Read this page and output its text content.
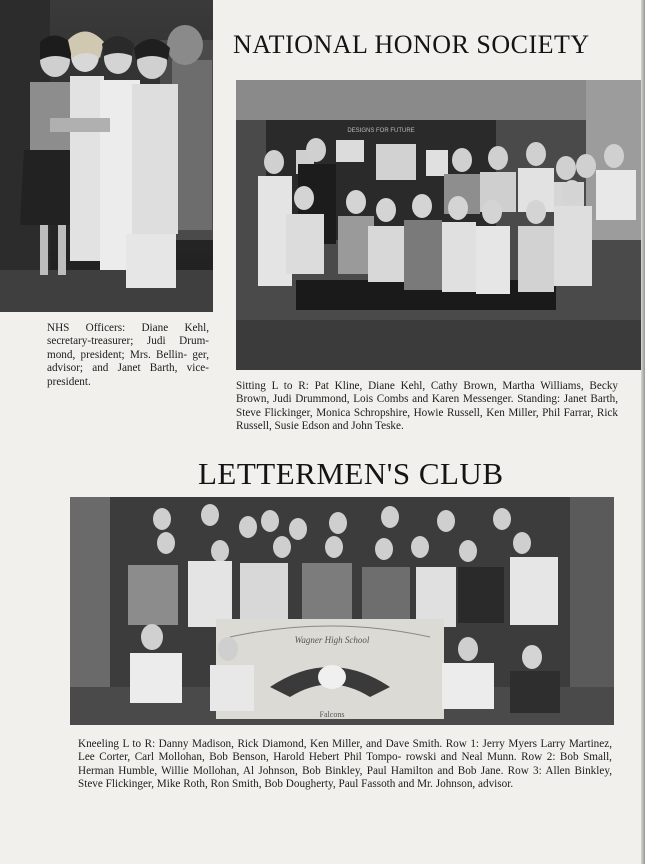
NATIONAL HONOR SOCIETY
LETTERMEN'S CLUB

NHS Officers: Diane Kehl, secretary-treasurer; Judi Drum- mond, president; Mrs. Bellin- ger, advisor; and Janet Barth, vice-president.

DESIGNS FOR FUTURE

Sitting L to R: Pat Kline, Diane Kehl, Cathy Brown, Martha Williams, Becky Brown, Judi Drummond, Lois Combs and Karen Messenger. Standing: Janet Barth, Steve Flickinger, Monica Schropshire, Howie Russell, Ken Miller, Phil Farrar, Rick Russell, Susie Edson and John Teske.

Wagner High School
Falcons

Kneeling L to R: Danny Madison, Rick Diamond, Ken Miller, and Dave Smith. Row 1: Jerry Myers Larry Martinez, Lee Corter, Carl Mollohan, Bob Benson, Harold Hebert Phil Tompo- rowski and Neal Munn. Row 2: Bob Small, Herman Humble, Willie Mollohan, Al Johnson, Bob Binkley, Paul Hamilton and Bob Jane. Row 3: Allen Binkley, Steve Flickinger, Mike Roth, Ron Smith, Bob Dougherty, Paul Fassoth and Mr. Johnson, advisor.
